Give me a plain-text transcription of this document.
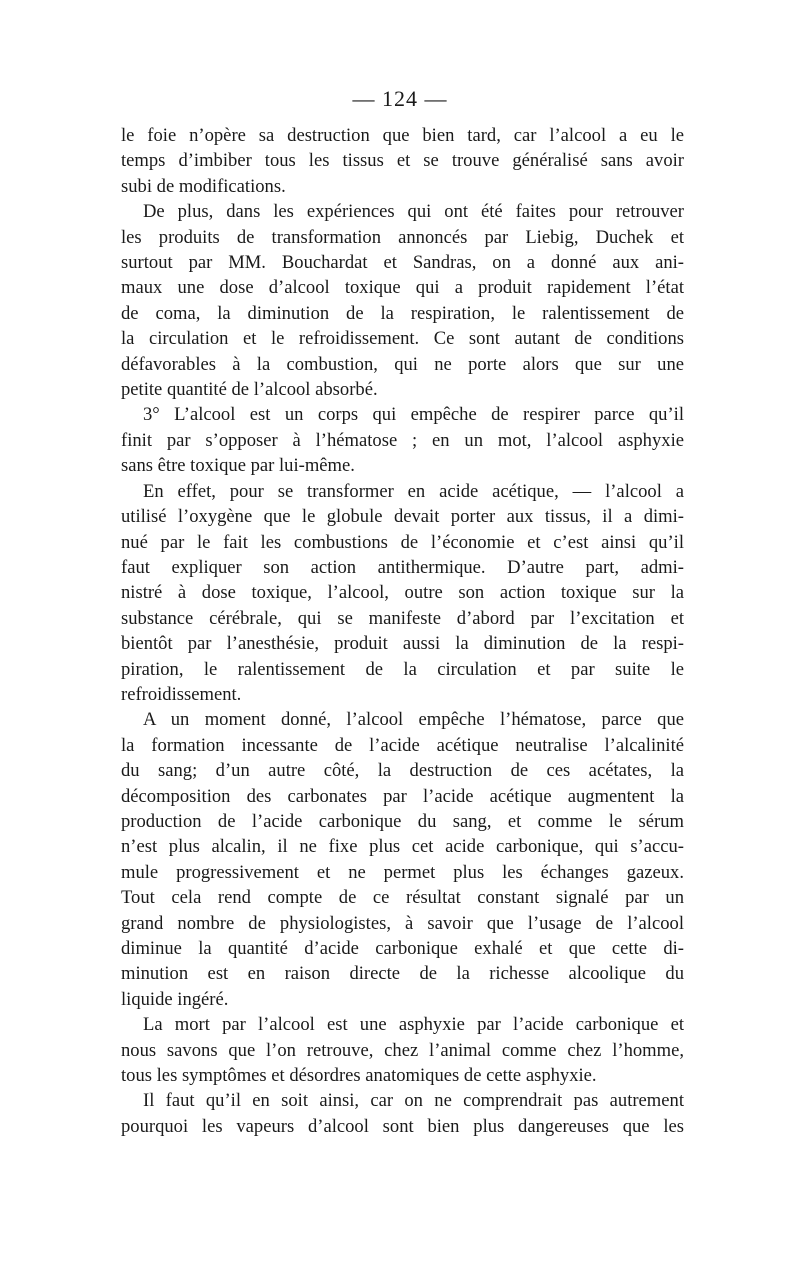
— 124 —

le foie n’opère sa destruction que bien tard, car l’alcool a eu le

temps d’imbiber tous les tissus et se trouve généralisé sans avoir

subi de modifications.

De plus, dans les expériences qui ont été faites pour retrouver

les produits de transformation annoncés par Liebig, Duchek et

surtout par MM. Bouchardat et Sandras, on a donné aux ani-

maux une dose d’alcool toxique qui a produit rapidement l’état

de coma, la diminution de la respiration, le ralentissement de

la circulation et le refroidissement. Ce sont autant de conditions

défavorables à la combustion, qui ne porte alors que sur une

petite quantité de l’alcool absorbé.

3° L’alcool est un corps qui empêche de respirer parce qu’il

finit par s’opposer à l’hématose ; en un mot, l’alcool asphyxie

sans être toxique par lui-même.

En effet, pour se transformer en acide acétique, — l’alcool a

utilisé l’oxygène que le globule devait porter aux tissus, il a dimi-

nué par le fait les combustions de l’économie et c’est ainsi qu’il

faut expliquer son action antithermique. D’autre part, admi-

nistré à dose toxique, l’alcool, outre son action toxique sur la

substance cérébrale, qui se manifeste d’abord par l’excitation et

bientôt par l’anesthésie, produit aussi la diminution de la respi-

piration, le ralentissement de la circulation et par suite le

refroidissement.

A un moment donné, l’alcool empêche l’hématose, parce que

la formation incessante de l’acide acétique neutralise l’alcalinité

du sang; d’un autre côté, la destruction de ces acétates, la

décomposition des carbonates par l’acide acétique augmentent la

production de l’acide carbonique du sang, et comme le sérum

n’est plus alcalin, il ne fixe plus cet acide carbonique, qui s’accu-

mule progressivement et ne permet plus les échanges gazeux.

Tout cela rend compte de ce résultat constant signalé par un

grand nombre de physiologistes, à savoir que l’usage de l’alcool

diminue la quantité d’acide carbonique exhalé et que cette di-

minution est en raison directe de la richesse alcoolique du

liquide ingéré.

La mort par l’alcool est une asphyxie par l’acide carbonique et

nous savons que l’on retrouve, chez l’animal comme chez l’homme,

tous les symptômes et désordres anatomiques de cette asphyxie.

Il faut qu’il en soit ainsi, car on ne comprendrait pas autrement

pourquoi les vapeurs d’alcool sont bien plus dangereuses que les
